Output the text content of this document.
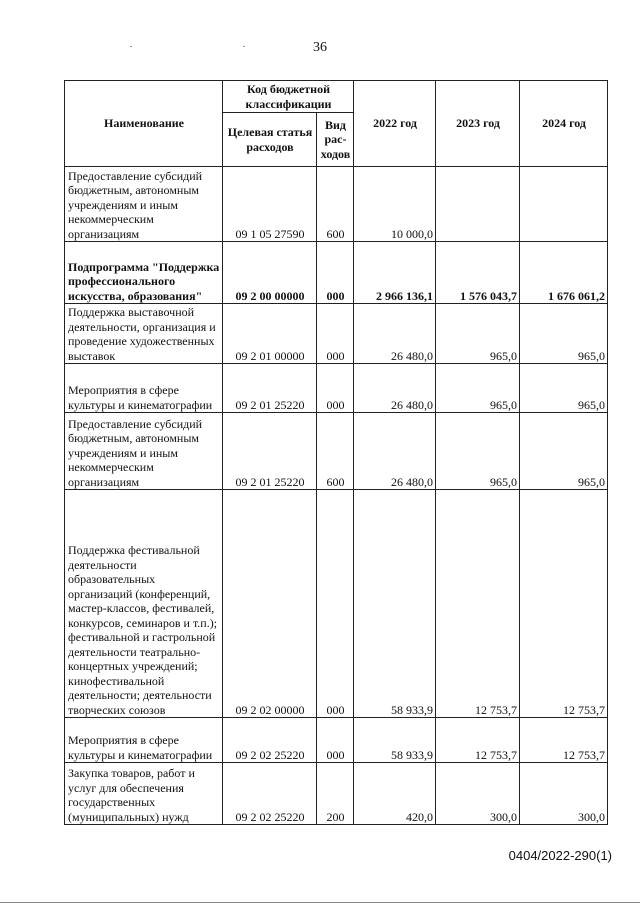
36
Наименование	Код бюджетной классификации		2022 год	2023 год	2024 год
	Целевая статья расходов	Вид рас-ходов			
Предоставление субсидий бюджетным, автономным учреждениям и иным некоммерческим организациям	09 1 05 27590	600	10 000,0		
Подпрограмма "Поддержка профессионального искусства, образования"	09 2 00 00000	000	2 966 136,1	1 576 043,7	1 676 061,2
Поддержка выставочной деятельности, организация и проведение художественных выставок	09 2 01 00000	000	26 480,0	965,0	965,0
Мероприятия в сфере культуры и кинематографии	09 2 01 25220	000	26 480,0	965,0	965,0
Предоставление субсидий бюджетным, автономным учреждениям и иным некоммерческим организациям	09 2 01 25220	600	26 480,0	965,0	965,0
Поддержка фестивальной деятельности образовательных организаций (конференций, мастер-классов, фестивалей, конкурсов, семинаров и т.п.); фестивальной и гастрольной деятельности театрально-концертных учреждений; кинофестивальной деятельности; деятельности творческих союзов	09 2 02 00000	000	58 933,9	12 753,7	12 753,7
Мероприятия в сфере культуры и кинематографии	09 2 02 25220	000	58 933,9	12 753,7	12 753,7
Закупка товаров, работ и услуг для обеспечения государственных (муниципальных) нужд	09 2 02 25220	200	420,0	300,0	300,0
0404/2022-290(1)
